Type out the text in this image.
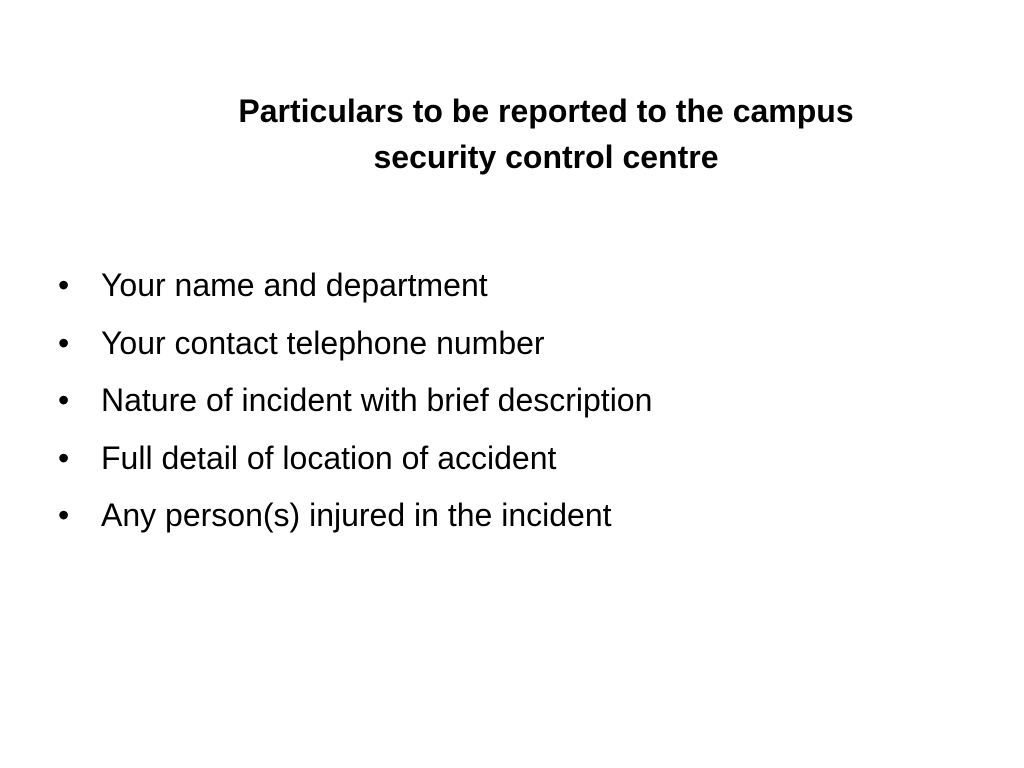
Particulars to be reported to the campus
security control centre
• Your name and department
• Your contact telephone number
• Nature of incident with brief description
• Full detail of location of accident
• Any person(s) injured in the incident
